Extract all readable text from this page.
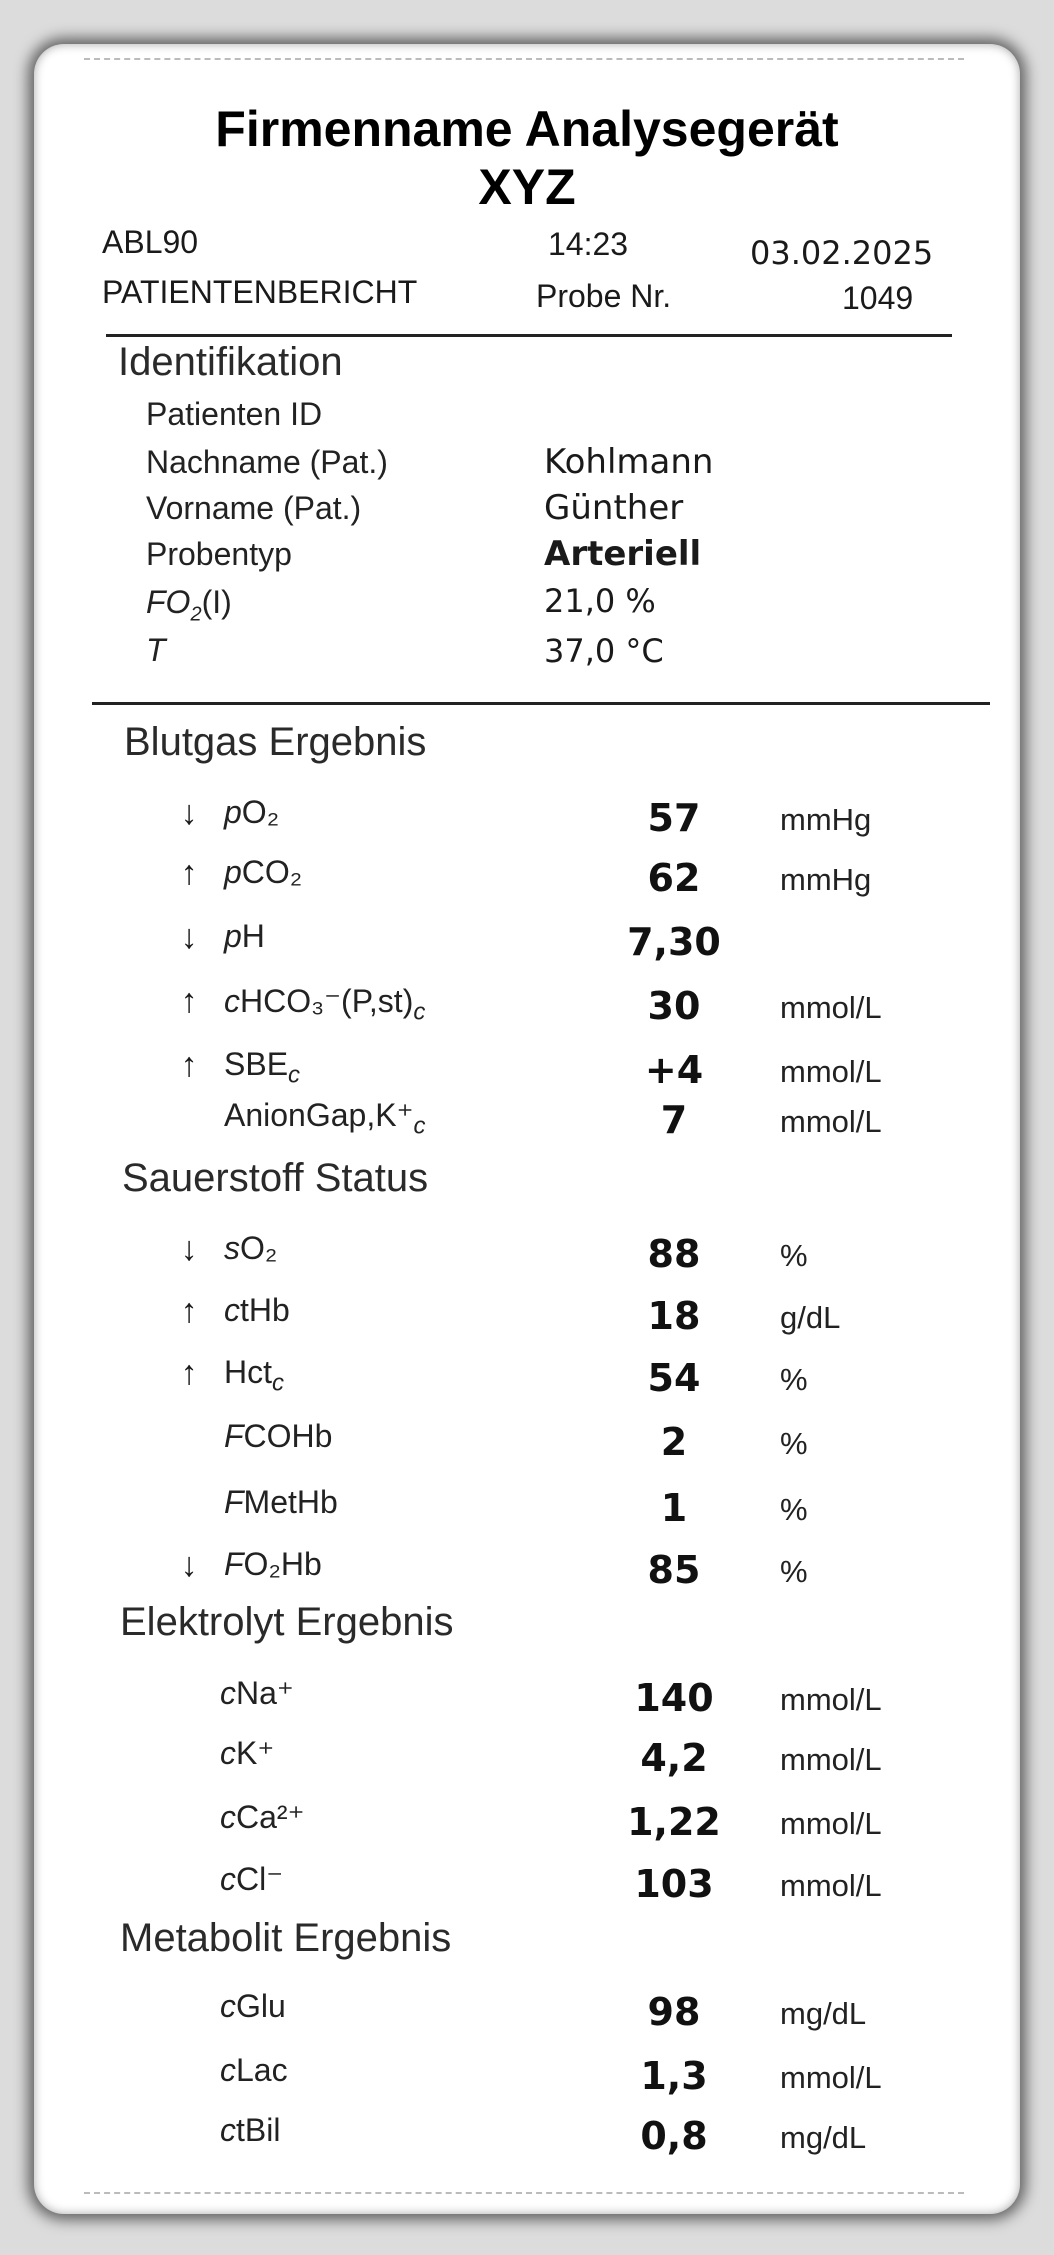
Firmenname Analysegerät
XYZ
ABL90	14:23	03.02.2025
PATIENTENBERICHT	Probe Nr.	1049
Identifikation
Patienten ID
Nachname (Pat.)	Kohlmann
Vorname (Pat.)	Günther
Probentyp	Arteriell
$FO_2(I)$	21,0 %
T	37,0 °C
Blutgas Ergebnis
↓ pO₂	57	mmHg
↑ pCO₂	62	mmHg
↓ pH	7,30
↑ $cHCO_3^-(P,st)_c$	30	mmol/L
↑ $SBE_c$	+4	mmol/L
$AnionGap,K^+_c$	7	mmol/L
Sauerstoff Status
↓ sO₂	88	%
↑ ctHb	18	g/dL
↑ Hct$_c$	54	%
FCOHb	2	%
FMetHb	1	%
↓ FO₂Hb	85	%
Elektrolyt Ergebnis
cNa⁺	140	mmol/L
cK⁺	4,2	mmol/L
cCa²⁺	1,22	mmol/L
cCl⁻	103	mmol/L
Metabolit Ergebnis
cGlu	98	mg/dL
cLac	1,3	mmol/L
ctBil	0,8	mg/dL
